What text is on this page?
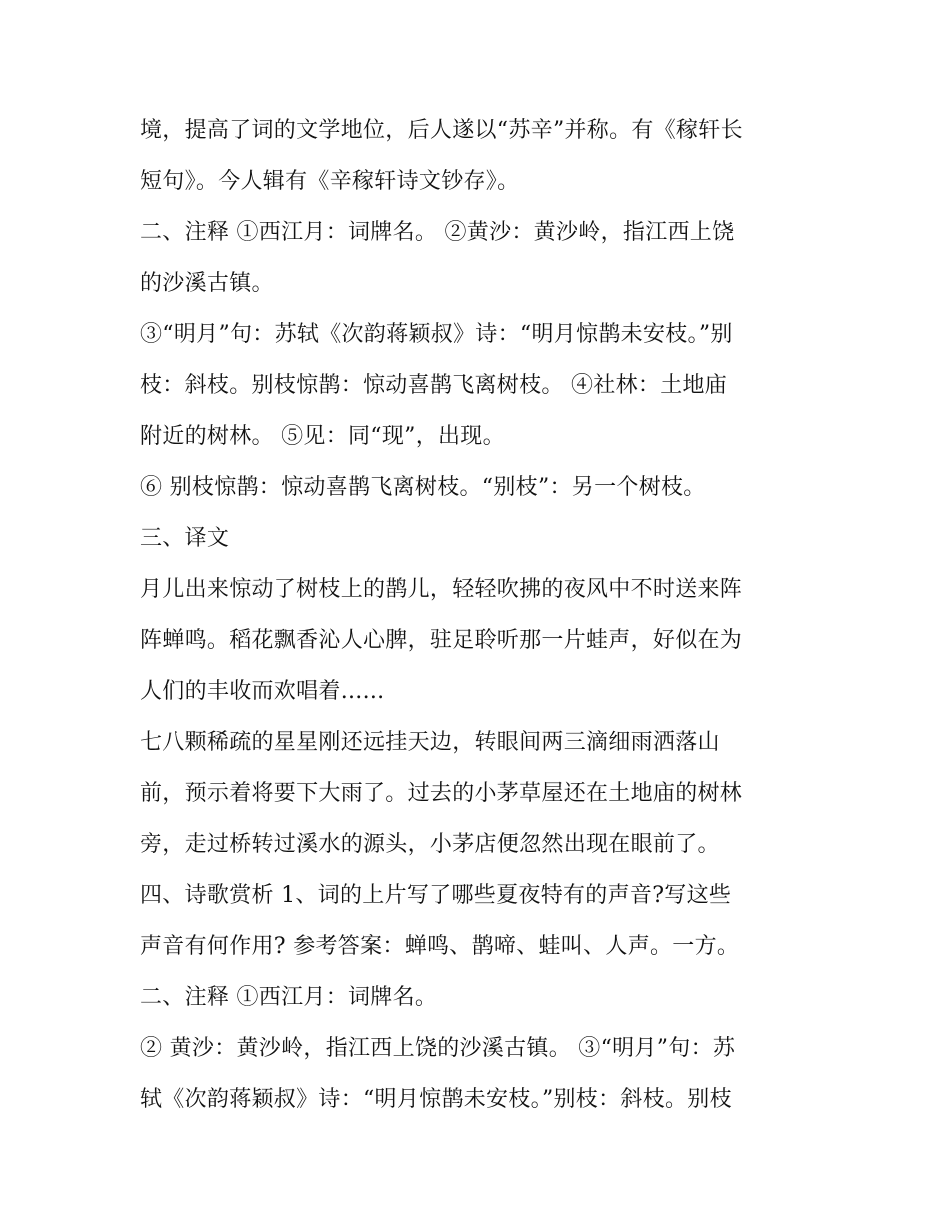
境，提高了词的文学地位，后人遂以“苏辛”并称。有《稼轩长
短句》。今人辑有《辛稼轩诗文钞存》。
二、注释 ①西江月：词牌名。 ②黄沙：黄沙岭，指江西上饶
的沙溪古镇。
③“明月”句：苏轼《次韵蒋颖叔》诗：“明月惊鹊未安枝。”别
枝：斜枝。别枝惊鹊：惊动喜鹊飞离树枝。 ④社林：土地庙
附近的树林。 ⑤见：同“现”，出现。
⑥ 别枝惊鹊：惊动喜鹊飞离树枝。“别枝”：另一个树枝。
三、译文
月儿出来惊动了树枝上的鹊儿，轻轻吹拂的夜风中不时送来阵
阵蝉鸣。稻花飘香沁人心脾，驻足聆听那一片蛙声，好似在为
人们的丰收而欢唱着......
七八颗稀疏的星星刚还远挂天边，转眼间两三滴细雨洒落山
前，预示着将要下大雨了。过去的小茅草屋还在土地庙的树林
旁，走过桥转过溪水的源头，小茅店便忽然出现在眼前了。
四、诗歌赏析 1、词的上片写了哪些夏夜特有的声音?写这些
声音有何作用? 参考答案：蝉鸣、鹊啼、蛙叫、人声。一方。
二、注释 ①西江月：词牌名。
② 黄沙：黄沙岭，指江西上饶的沙溪古镇。 ③“明月”句：苏
轼《次韵蒋颖叔》诗：“明月惊鹊未安枝。”别枝：斜枝。别枝
